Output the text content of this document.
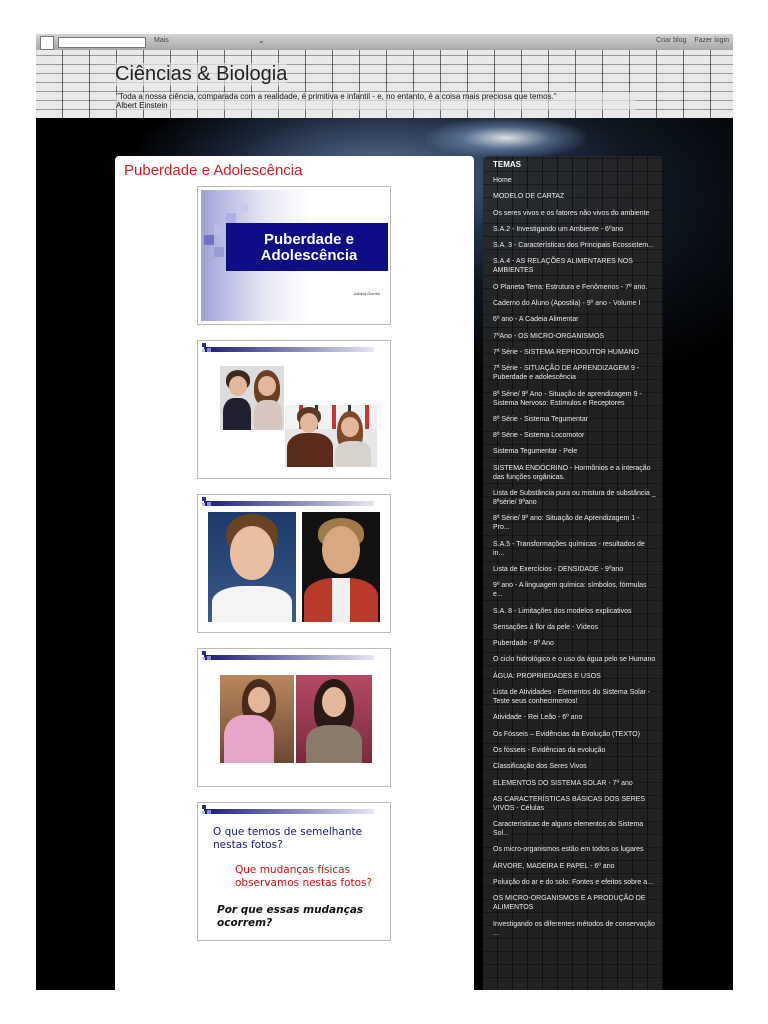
Mais	⌄	Criar blog Fazer login
Ciências & Biologia
"Toda a nossa ciência, comparada com a realidade, é primitiva e infantil - e, no entanto, é a coisa mais preciosa que temos."
Albert Einstein
Puberdade e Adolescência
Puberdade e
Adolescência
Juliana Gomes
O que temos de semelhante nestas fotos?
Que mudanças físicas observamos nestas fotos?
Por que essas mudanças ocorrem?
TEMAS
Home
MODELO DE CARTAZ
Os seres vivos e os fatores não vivos do ambiente
S.A.2 - Investigando um Ambiente - 6ºano
S.A. 3 - Características dos Principais Ecossistem...
S.A.4 - AS RELAÇÕES ALIMENTARES NOS AMBIENTES
O Planeta Terra: Estrutura e Fenômenos - 7º ano.
Caderno do Aluno (Apostila) - 9º ano - Volume I
6º ano - A Cadeia Alimentar
7ºAno - OS MICRO-ORGANISMOS
7ª Série - SISTEMA REPRODUTOR HUMANO
7ª Série - SITUAÇÃO DE APRENDIZAGEM 9 - Puberdade e adolescência
8ª Série/ 9º Ano - Situação de aprendizagem 9 - Sistema Nervoso: Estímulos e Receptores
8ª Série - Sistema Tegumentar
8ª Série - Sistema Locomotor
Sistema Tegumentar - Pele
SISTEMA ENDÓCRINO - Hormônios e a interação das funções orgânicas.
Lista de Substância pura ou mistura de substância _ 8ªsérie/ 9ºano
8ª Série/ 9º ano: Situação de Aprendizagem 1 - Pro...
S.A.5 - Transformações químicas - resultados de in...
Lista de Exercícios - DENSIDADE - 9ºano
9º ano - A linguagem química: símbolos, fórmulas e...
S.A. 8 - Limitações dos modelos explicativos
Sensações à flor da pele - Vídeos
Puberdade - 8º Ano
O ciclo hidrológico e o uso da água pelo se Humano
ÁGUA: PROPRIEDADES E USOS
Lista de Atividades - Elementos do Sistema Solar - Teste seus conhecimentos!
Atividade - Rei Leão - 6º ano
Os Fósseis – Evidências da Evolução (TEXTO)
Os fósseis - Evidências da evolução
Classificação dos Seres Vivos
ELEMENTOS DO SISTEMA SOLAR - 7º ano
AS CARACTERÍSTICAS BÁSICAS DOS SERES VIVOS - Células
Características de alguns elementos do Sistema Sol...
Os micro-organismos estão em todos os lugares
ÁRVORE, MADEIRA E PAPEL - 6º ano
Poluição do ar e do solo: Fontes e efeitos sobre a...
OS MICRO-ORGANISMOS E A PRODUÇÃO DE ALIMENTOS
Investigando os diferentes métodos de conservação ...
